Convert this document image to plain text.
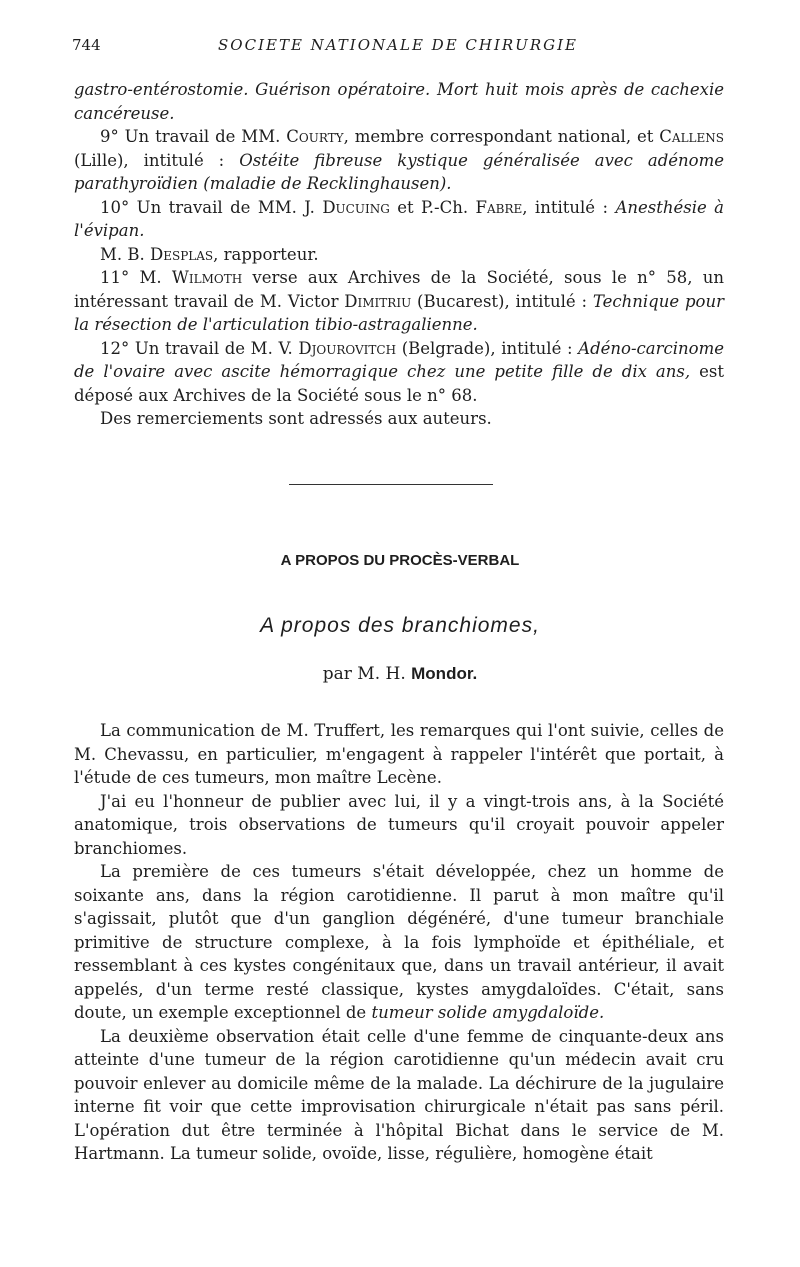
744	SOCIETE NATIONALE DE CHIRURGIE

gastro-entérostomie. Guérison opératoire. Mort huit mois après de cachexie cancéreuse.

9° Un travail de MM. Courty, membre correspondant national, et Callens (Lille), intitulé : Ostéite fibreuse kystique généralisée avec adénome parathyroïdien (maladie de Recklinghausen).

10° Un travail de MM. J. Ducuing et P.-Ch. Fabre, intitulé : Anesthésie à l'évipan.

M. B. Desplas, rapporteur.

11° M. Wilmoth verse aux Archives de la Société, sous le n° 58, un intéressant travail de M. Victor Dimitriu (Bucarest), intitulé : Technique pour la résection de l'articulation tibio-astragalienne.

12° Un travail de M. V. Djourovitch (Belgrade), intitulé : Adéno-carcinome de l'ovaire avec ascite hémorragique chez une petite fille de dix ans, est déposé aux Archives de la Société sous le n° 68.

Des remerciements sont adressés aux auteurs.

A PROPOS DU PROCÈS-VERBAL
A propos des branchiomes,
par M. H. Mondor.

La communication de M. Truffert, les remarques qui l'ont suivie, celles de M. Chevassu, en particulier, m'engagent à rappeler l'intérêt que portait, à l'étude de ces tumeurs, mon maître Lecène.

J'ai eu l'honneur de publier avec lui, il y a vingt-trois ans, à la Société anatomique, trois observations de tumeurs qu'il croyait pouvoir appeler branchiomes.

La première de ces tumeurs s'était développée, chez un homme de soixante ans, dans la région carotidienne. Il parut à mon maître qu'il s'agissait, plutôt que d'un ganglion dégénéré, d'une tumeur branchiale primitive de structure complexe, à la fois lymphoïde et épithéliale, et ressemblant à ces kystes congénitaux que, dans un travail antérieur, il avait appelés, d'un terme resté classique, kystes amygdaloïdes. C'était, sans doute, un exemple exceptionnel de tumeur solide amygdaloïde.

La deuxième observation était celle d'une femme de cinquante-deux ans atteinte d'une tumeur de la région carotidienne qu'un médecin avait cru pouvoir enlever au domicile même de la malade. La déchirure de la jugulaire interne fit voir que cette improvisation chirurgicale n'était pas sans péril. L'opération dut être terminée à l'hôpital Bichat dans le service de M. Hartmann. La tumeur solide, ovoïde, lisse, régulière, homogène était
